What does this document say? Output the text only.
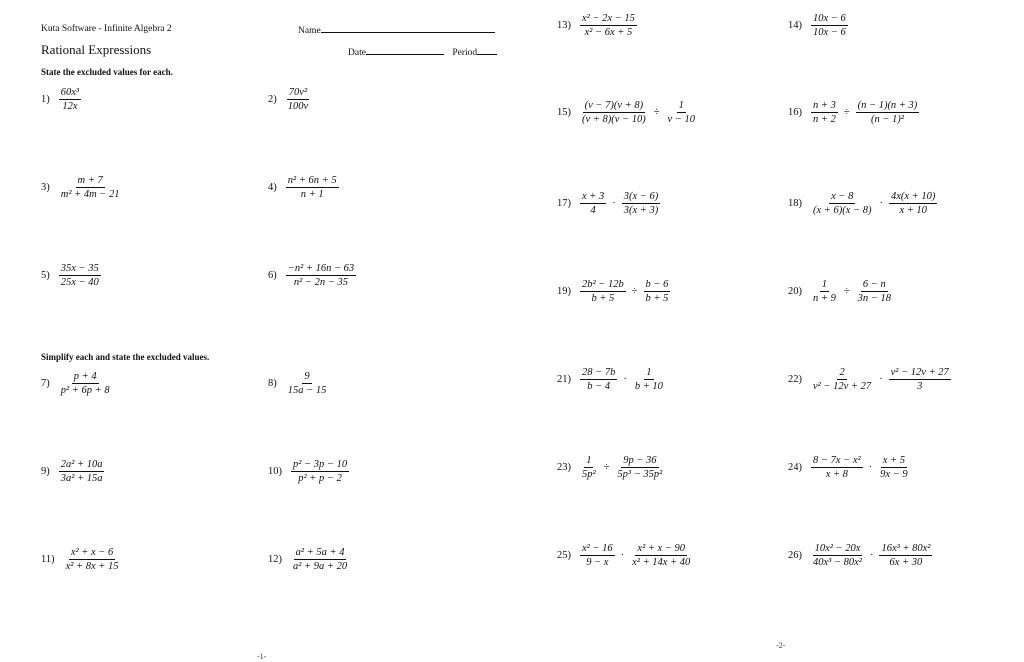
Kuta Software - Infinite Algebra 2
Rational Expressions
Name
Date	Period
State the excluded values for each.
Simplify each and state the excluded values.
$1) \frac{\text{60x³}}{12x}$	$2) \frac{\text{70v²}}{100v}$
$3) \frac{m + 7}{\text{m² + 4m − 21}}$	$4) \frac{\text{n² + 6n + 5}}{n + 1}$
$5) \frac{35x - 35}{25x - 40}$	$6) \frac{\text{−n² + 16n − 63}}{\text{n² − 2n − 35}}$
$7) \frac{p + 4}{\text{p² + 6p + 8}}$	$8) \frac{9}{15a - 15}$
$9) \frac{\text{2a² + 10a}}{\text{3a² + 15a}}$	$10) \frac{\text{p² − 3p − 10}}{\text{p² + p − 2}}$
$11) \frac{\text{x² + x − 6}}{\text{x² + 8x + 15}}$	$12) \frac{\text{a² + 5a + 4}}{\text{a² + 9a + 20}}$
-1-
$13) \frac{\text{x² − 2x − 15}}{\text{x² − 6x + 5}}$	$14) \frac{10x - 6}{10x - 6}$
$15) \frac{(v - 7)(v + 8)}{(v + 8)(v - 10)} \div \frac{1}{v - 10}$	$16) \frac{n + 3}{n + 2} \div \frac{(n - 1)(n + 3)}{\text{(n − 1)²}}$
$17) \frac{x + 3}{4} \cdot \frac{3(x - 6)}{3(x + 3)}$	$18) \frac{x - 8}{(x + 6)(x - 8)} \cdot \frac{4x(x + 10)}{x + 10}$
$19) \frac{\text{2b² − 12b}}{b + 5} \div \frac{b - 6}{b + 5}$	$20) \frac{1}{n + 9} \div \frac{6 - n}{3n - 18}$
$21) \frac{28 - 7b}{b - 4} \cdot \frac{1}{b + 10}$	$22) \frac{2}{\text{v² − 12v + 27}} \cdot \frac{\text{v² − 12v + 27}}{3}$
$23) \frac{1}{\text{5p²}} \div \frac{9p - 36}{\text{5p³ − 35p²}}$	$24) \frac{\text{8 − 7x − x²}}{x + 8} \cdot \frac{x + 5}{9x - 9}$
$25) \frac{\text{x² − 16}}{9 - x} \cdot \frac{\text{x² + x − 90}}{\text{x² + 14x + 40}}$	$26) \frac{\text{10x² − 20x}}{\text{40x³ − 80x²}} \cdot \frac{\text{16x³ + 80x²}}{6x + 30}$
-2-
